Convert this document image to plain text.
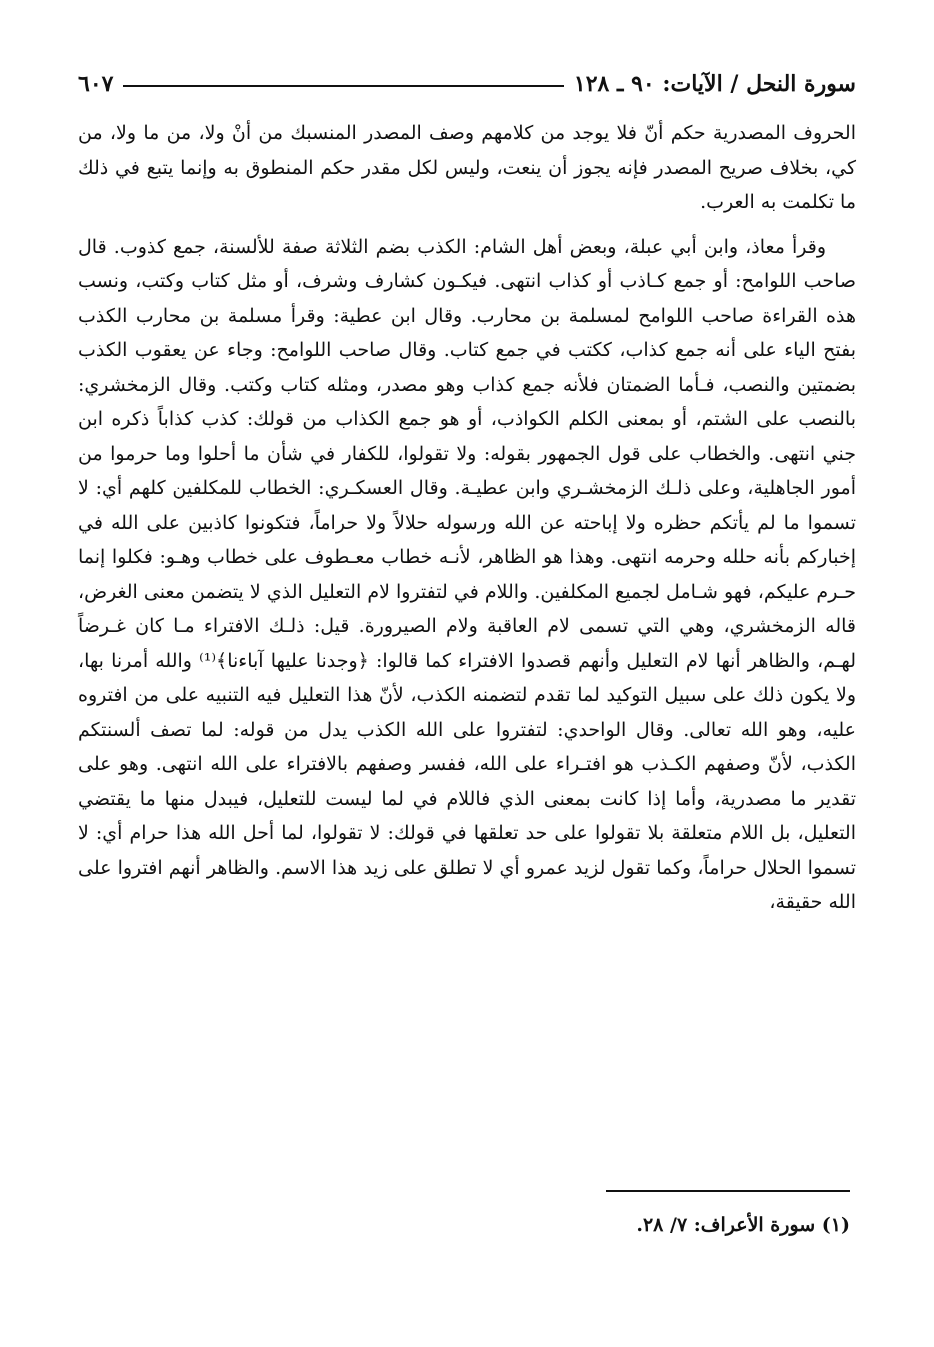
سورة النحل / الآيات: ٩٠ ـ ١٢٨
٦٠٧

الحروف المصدرية حكم أنّ فلا يوجد من كلامهم وصف المصدر المنسبك من أنْ ولا، من ما ولا، من كي، بخلاف صريح المصدر فإنه يجوز أن ينعت، وليس لكل مقدر حكم المنطوق به وإنما يتبع في ذلك ما تكلمت به العرب.

وقرأ معاذ، وابن أبي عبلة، وبعض أهل الشام: الكذب بضم الثلاثة صفة للألسنة، جمع كذوب. قال صاحب اللوامح: أو جمع كـاذب أو كذاب انتهى. فيكـون كشارف وشرف، أو مثل كتاب وكتب، ونسب هذه القراءة صاحب اللوامح لمسلمة بن محارب. وقال ابن عطية: وقرأ مسلمة بن محارب الكذب بفتح الياء على أنه جمع كذاب، ككتب في جمع كتاب. وقال صاحب اللوامح: وجاء عن يعقوب الكذب بضمتين والنصب، فـأما الضمتان فلأنه جمع كذاب وهو مصدر، ومثله كتاب وكتب. وقال الزمخشري: بالنصب على الشتم، أو بمعنى الكلم الكواذب، أو هو جمع الكذاب من قولك: كذب كذاباً ذكره ابن جني انتهى. والخطاب على قول الجمهور بقوله: ولا تقولوا، للكفار في شأن ما أحلوا وما حرموا من أمور الجاهلية، وعلى ذلـك الزمخشـري وابن عطيـة. وقال العسكـري: الخطاب للمكلفين كلهم أي: لا تسموا ما لم يأتكم حظره ولا إباحته عن الله ورسوله حلالاً ولا حراماً، فتكونوا كاذبين على الله في إخباركم بأنه حلله وحرمه انتهى. وهذا هو الظاهر، لأنـه خطاب معـطوف على خطاب وهـو: فكلوا إنما حـرم عليكم، فهو شـامل لجميع المكلفين. واللام في لتفتروا لام التعليل الذي لا يتضمن معنى الغرض، قاله الزمخشري، وهي التي تسمى لام العاقبة ولام الصيرورة. قيل: ذلـك الافتراء مـا كان غـرضاً لهـم، والظاهر أنها لام التعليل وأنهم قصدوا الافتراء كما قالوا: ﴿وجدنا عليها آباءنا﴾⁽¹⁾ والله أمرنا بها، ولا يكون ذلك على سبيل التوكيد لما تقدم لتضمنه الكذب، لأنّ هذا التعليل فيه التنبيه على من افتروه عليه، وهو الله تعالى. وقال الواحدي: لتفتروا على الله الكذب يدل من قوله: لما تصف ألسنتكم الكذب، لأنّ وصفهم الكـذب هو افتـراء على الله، ففسر وصفهم بالافتراء على الله انتهى. وهو على تقدير ما مصدرية، وأما إذا كانت بمعنى الذي فاللام في لما ليست للتعليل، فيبدل منها ما يقتضي التعليل، بل اللام متعلقة بلا تقولوا على حد تعلقها في قولك: لا تقولوا، لما أحل الله هذا حرام أي: لا تسموا الحلال حراماً، وكما تقول لزيد عمرو أي لا تطلق على زيد هذا الاسم. والظاهر أنهم افتروا على الله حقيقة،

(١) سورة الأعراف: ٧/ ٢٨.
